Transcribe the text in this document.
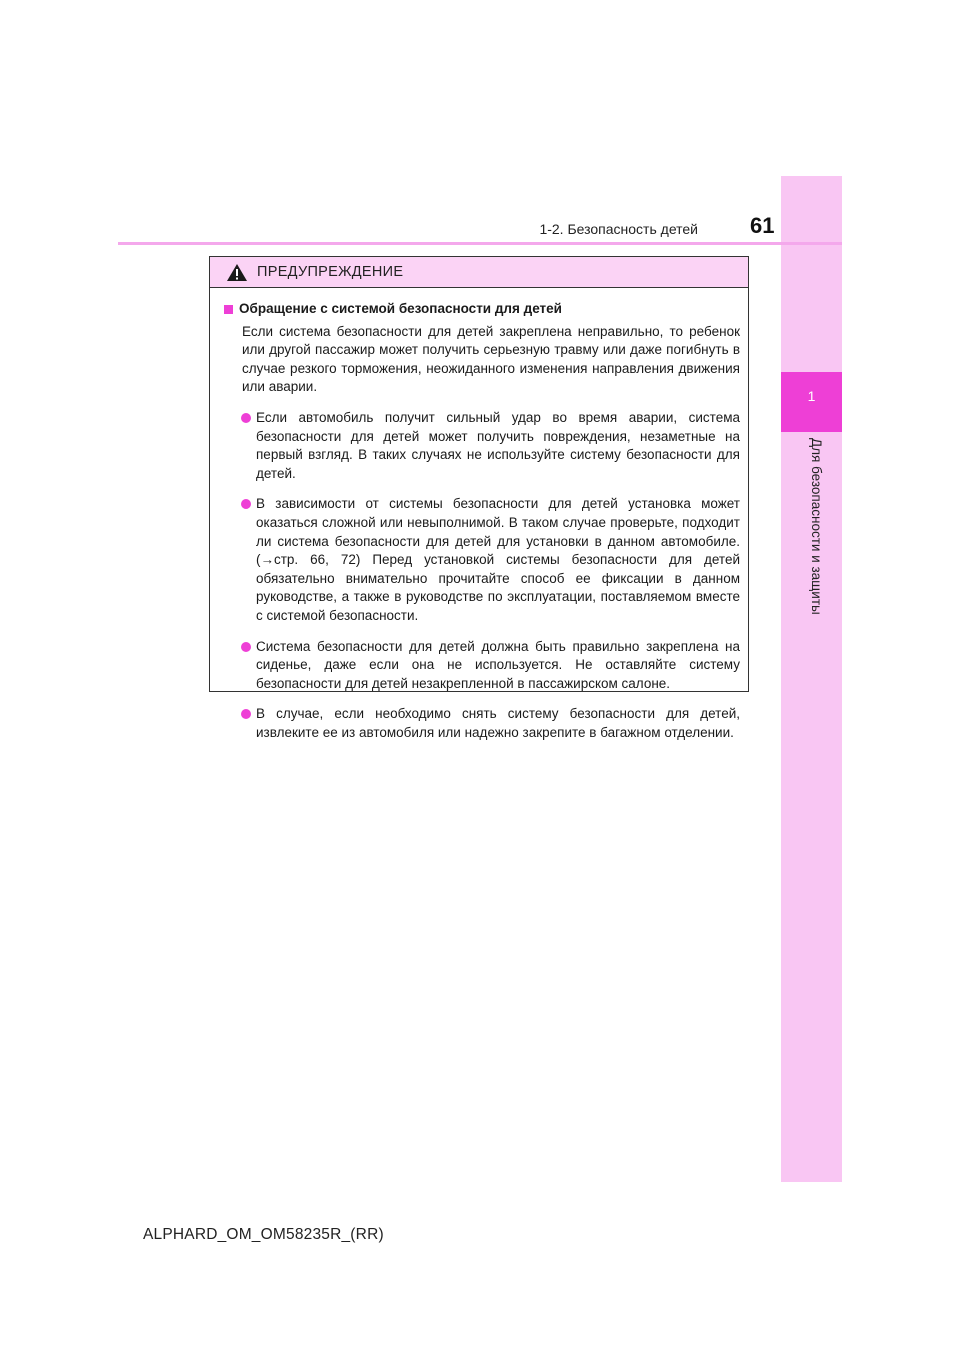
1
Для безопасности и защиты
1-2. Безопасность детей 61
ПРЕДУПРЕЖДЕНИЕ
Обращение с системой безопасности для детей
Если система безопасности для детей закреплена неправильно, то ребенок или другой пассажир может получить серьезную травму или даже погибнуть в случае резкого торможения, неожиданного изменения направления движения или аварии.
Если автомобиль получит сильный удар во время аварии, система безопасности для детей может получить повреждения, незаметные на первый взгляд. В таких случаях не используйте систему безопасности для детей.
В зависимости от системы безопасности для детей установка может оказаться сложной или невыполнимой. В таком случае проверьте, подходит ли система безопасности для детей для установки в данном автомобиле. (→стр. 66, 72) Перед установкой системы безопасности для детей обязательно внимательно прочитайте способ ее фиксации в данном руководстве, а также в руководстве по эксплуатации, поставляемом вместе с системой безопасности.
Система безопасности для детей должна быть правильно закреплена на сиденье, даже если она не используется. Не оставляйте систему безопасности для детей незакрепленной в пассажирском салоне.
В случае, если необходимо снять систему безопасности для детей, извлеките ее из автомобиля или надежно закрепите в багажном отделении.
ALPHARD_OM_OM58235R_(RR)
